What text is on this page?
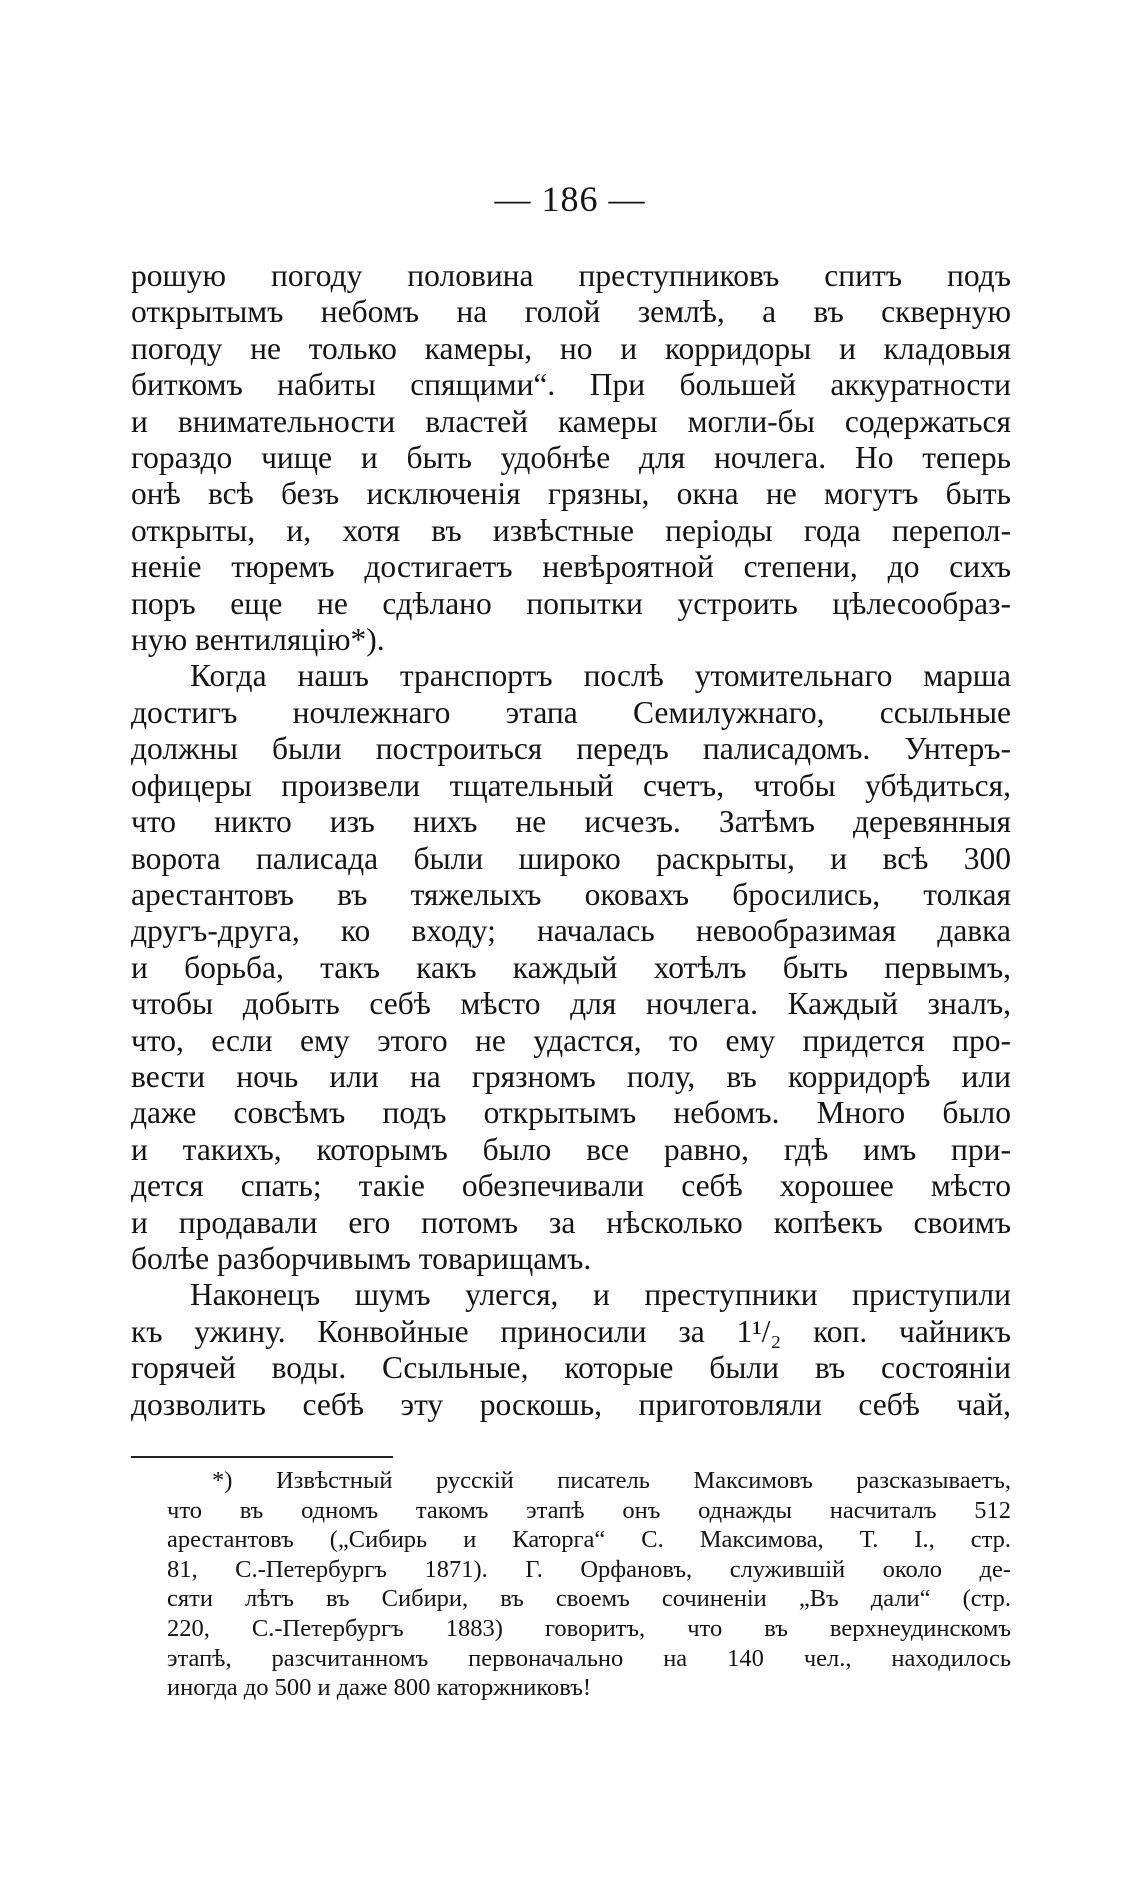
— 186 —
рошую погоду половина преступниковъ спитъ подъ
открытымъ небомъ на голой землѣ, а въ скверную
погоду не только камеры, но и корридоры и кладовыя
биткомъ набиты спящими“. При большей аккуратности
и внимательности властей камеры могли-бы содержаться
гораздо чище и быть удобнѣе для ночлега. Но теперь
онѣ всѣ безъ исключенія грязны, окна не могутъ быть
открыты, и, хотя въ извѣстные періоды года перепол-
неніе тюремъ достигаетъ невѣроятной степени, до сихъ
поръ еще не сдѣлано попытки устроить цѣлесообраз-
ную вентиляцію*).
Когда нашъ транспортъ послѣ утомительнаго марша
достигъ ночлежнаго этапа Семилужнаго, ссыльные
должны были построиться передъ палисадомъ. Унтеръ-
офицеры произвели тщательный счетъ, чтобы убѣдиться,
что никто изъ нихъ не исчезъ. Затѣмъ деревянныя
ворота палисада были широко раскрыты, и всѣ 300
арестантовъ въ тяжелыхъ оковахъ бросились, толкая
другъ-друга, ко входу; началась невообразимая давка
и борьба, такъ какъ каждый хотѣлъ быть первымъ,
чтобы добыть себѣ мѣсто для ночлега. Каждый зналъ,
что, если ему этого не удастся, то ему придется про-
вести ночь или на грязномъ полу, въ корридорѣ или
даже совсѣмъ подъ открытымъ небомъ. Много было
и такихъ, которымъ было все равно, гдѣ имъ при-
дется спать; такіе обезпечивали себѣ хорошее мѣсто
и продавали его потомъ за нѣсколько копѣекъ своимъ
болѣе разборчивымъ товарищамъ.
Наконецъ шумъ улегся, и преступники приступили
къ ужину. Конвойные приносили за 1¹/₂ коп. чайникъ
горячей воды. Ссыльные, которые были въ состояніи
дозволить себѣ эту роскошь, приготовляли себѣ чай,
*) Извѣстный русскій писатель Максимовъ разсказываетъ,
что въ одномъ такомъ этапѣ онъ однажды насчиталъ 512
арестантовъ („Сибирь и Каторга“ С. Максимова, Т. I., стр.
81, С.-Петербургъ 1871). Г. Орфановъ, служившій около де-
сяти лѣтъ въ Сибири, въ своемъ сочиненіи „Въ дали“ (стр.
220, С.-Петербургъ 1883) говоритъ, что въ верхнеудинскомъ
этапѣ, разсчитанномъ первоначально на 140 чел., находилось
иногда до 500 и даже 800 каторжниковъ!
